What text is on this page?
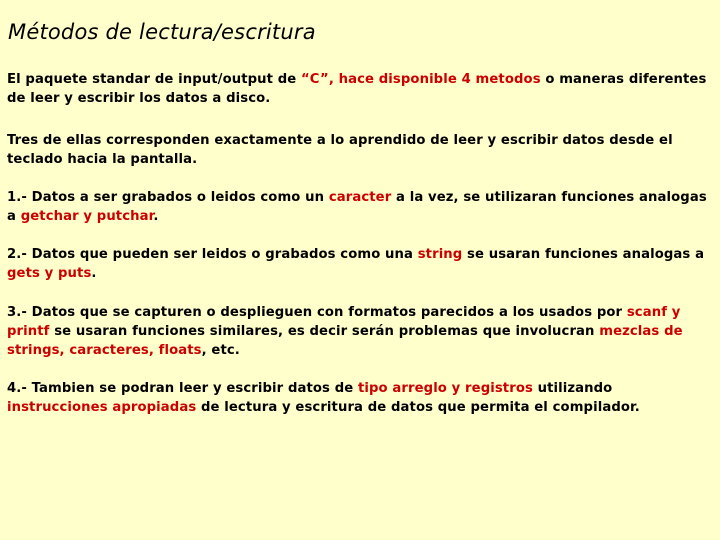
Métodos de lectura/escritura

El paquete standar de input/output de “C”, hace disponible 4 metodos o maneras diferentes de leer y escribir los datos a disco.

Tres de ellas corresponden exactamente a lo aprendido de leer y escribir datos desde el teclado hacia la pantalla.

1.- Datos a ser grabados o leidos como un caracter a la vez, se utilizaran funciones analogas a getchar y putchar.

2.- Datos que pueden ser leidos o grabados como una string se usaran funciones analogas a gets y puts.

3.- Datos que se capturen o desplieguen con formatos parecidos a los usados por scanf y printf se usaran funciones similares, es decir serán problemas que involucran mezclas de strings, caracteres, floats, etc.

4.- Tambien se podran leer y escribir datos de tipo arreglo y registros utilizando instrucciones apropiadas de lectura y escritura de datos que permita el compilador.
